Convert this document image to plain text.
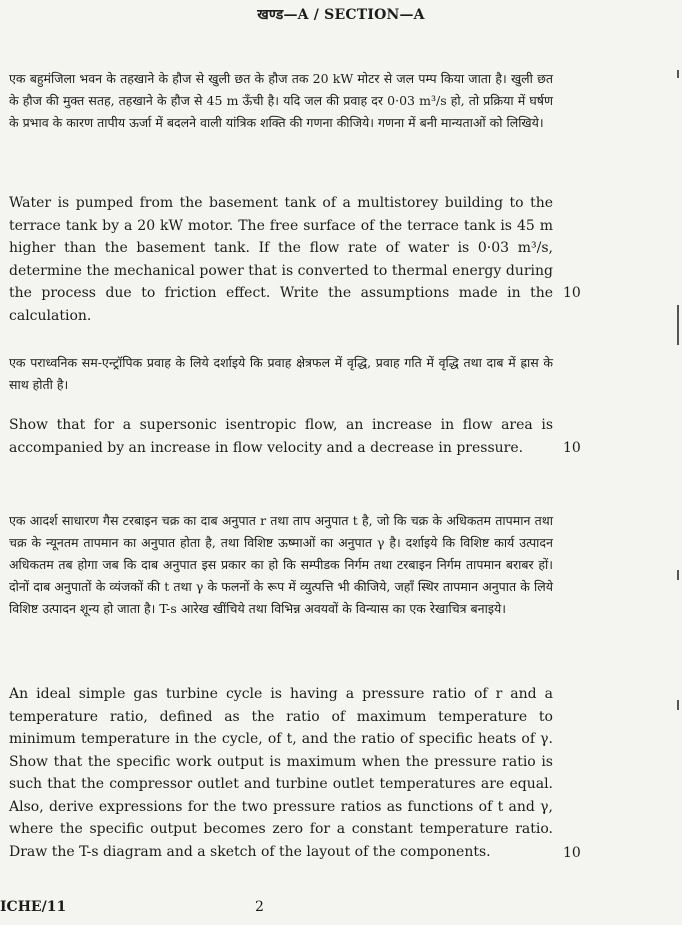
खण्ड—A / SECTION—A

एक बहुमंजिला भवन के तहखाने के हौज से खुली छत के हौज तक 20 kW मोटर से जल पम्प किया जाता है। खुली छत के हौज की मुक्त सतह, तहखाने के हौज से 45 m ऊँची है। यदि जल की प्रवाह दर 0·03 m³/s हो, तो प्रक्रिया में घर्षण के प्रभाव के कारण तापीय ऊर्जा में बदलने वाली यांत्रिक शक्ति की गणना कीजिये। गणना में बनी मान्यताओं को लिखिये।

Water is pumped from the basement tank of a multistorey building to the terrace tank by a 20 kW motor. The free surface of the terrace tank is 45 m higher than the basement tank. If the flow rate of water is 0·03 m³/s, determine the mechanical power that is converted to thermal energy during the process due to friction effect. Write the assumptions made in the calculation.

10

एक पराध्वनिक सम-एन्ट्रॉपिक प्रवाह के लिये दर्शाइये कि प्रवाह क्षेत्रफल में वृद्धि, प्रवाह गति में वृद्धि तथा दाब में ह्रास के साथ होती है।

Show that for a supersonic isentropic flow, an increase in flow area is accompanied by an increase in flow velocity and a decrease in pressure.	10

एक आदर्श साधारण गैस टरबाइन चक्र का दाब अनुपात r तथा ताप अनुपात t है, जो कि चक्र के अधिकतम तापमान तथा चक्र के न्यूनतम तापमान का अनुपात होता है, तथा विशिष्ट ऊष्माओं का अनुपात γ है। दर्शाइये कि विशिष्ट कार्य उत्पादन अधिकतम तब होगा जब कि दाब अनुपात इस प्रकार का हो कि सम्पीडक निर्गम तथा टरबाइन निर्गम तापमान बराबर हों। दोनों दाब अनुपातों के व्यंजकों की t तथा γ के फलनों के रूप में व्युत्पत्ति भी कीजिये, जहाँ स्थिर तापमान अनुपात के लिये विशिष्ट उत्पादन शून्य हो जाता है। T-s आरेख खींचिये तथा विभिन्न अवयवों के विन्यास का एक रेखाचित्र बनाइये।

An ideal simple gas turbine cycle is having a pressure ratio of r and a temperature ratio, defined as the ratio of maximum temperature to minimum temperature in the cycle, of t, and the ratio of specific heats of γ. Show that the specific work output is maximum when the pressure ratio is such that the compressor outlet and turbine outlet temperatures are equal. Also, derive expressions for the two pressure ratios as functions of t and γ, where the specific output becomes zero for a constant temperature ratio. Draw the T-s diagram and a sketch of the layout of the components.	10
ICHE/11	2
